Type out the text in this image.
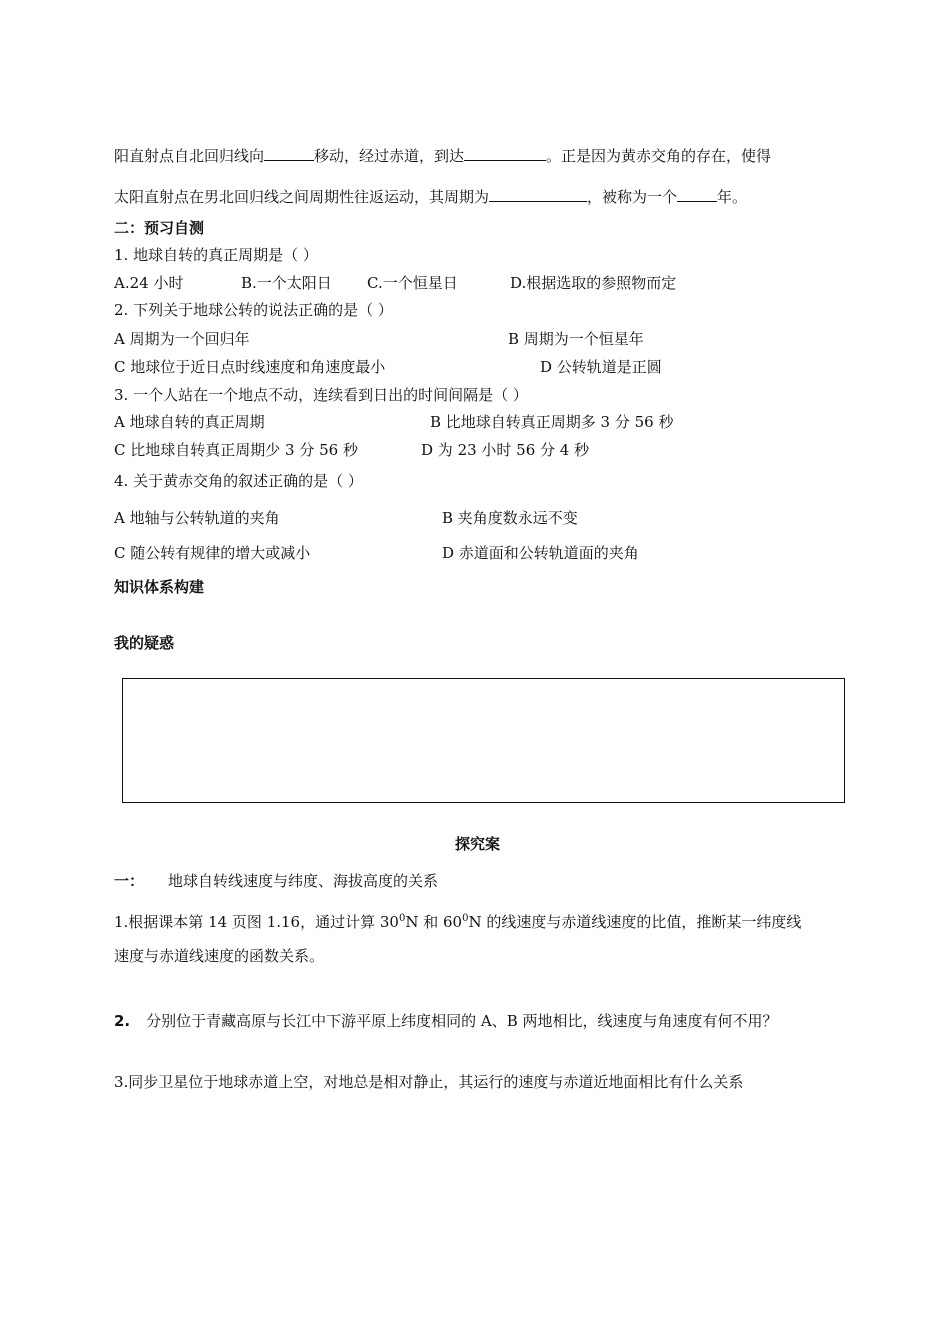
阳直射点自北回归线向	移动，经过赤道，到达	。正是因为黄赤交角的存在，使得
太阳直射点在男北回归线之间周期性往返运动，其周期为	，被称为一个	年。
二：预习自测
1. 地球自转的真正周期是（ ）
A.24 小时	B.一个太阳日 C.一个恒星日	D.根据选取的参照物而定
2. 下列关于地球公转的说法正确的是（ ）
A 周期为一个回归年	B 周期为一个恒星年
C 地球位于近日点时线速度和角速度最小	D 公转轨道是正圆
3. 一个人站在一个地点不动，连续看到日出的时间间隔是（ ）
A 地球自转的真正周期	B 比地球自转真正周期多 3 分 56 秒
C 比地球自转真正周期少 3 分 56 秒	D 为 23 小时 56 分 4 秒
4. 关于黄赤交角的叙述正确的是（ ）
A 地轴与公转轨道的夹角	B 夹角度数永远不变
C 随公转有规律的增大或减小	D 赤道面和公转轨道面的夹角
知识体系构建
我的疑惑
探究案
一： 地球自转线速度与纬度、海拔高度的关系
1.根据课本第 14 页图 1.16，通过计算 $30^0N$ 和 $60^0N$ 的线速度与赤道线速度的比值，推断某一纬度线
速度与赤道线速度的函数关系。
2. 分别位于青藏高原与长江中下游平原上纬度相同的 A、B 两地相比，线速度与角速度有何不用？
3.同步卫星位于地球赤道上空，对地总是相对静止，其运行的速度与赤道近地面相比有什么关系
